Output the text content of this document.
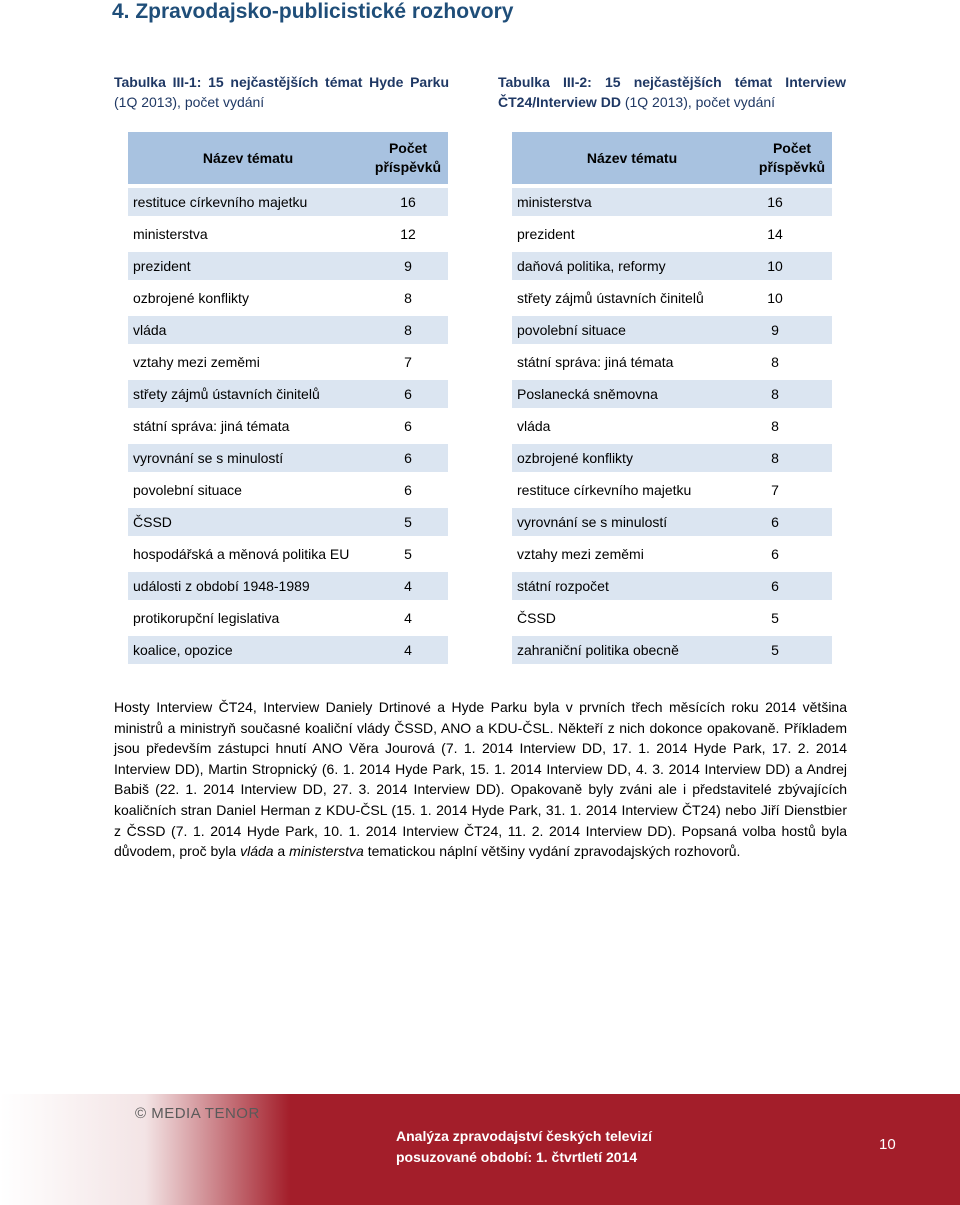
4. Zpravodajsko-publicistické rozhovory
Tabulka III-1: 15 nejčastějších témat Hyde Parku (1Q 2013), počet vydání
Tabulka III-2: 15 nejčastějších témat Interview ČT24/Interview DD (1Q 2013), počet vydání
Název tématu	Počet příspěvků
restituce církevního majetku	16
ministerstva	12
prezident	9
ozbrojené konflikty	8
vláda	8
vztahy mezi zeměmi	7
střety zájmů ústavních činitelů	6
státní správa: jiná témata	6
vyrovnání se s minulostí	6
povolební situace	6
ČSSD	5
hospodářská a měnová politika EU	5
události z období 1948-1989	4
protikorupční legislativa	4
koalice, opozice	4
Název tématu	Počet příspěvků
ministerstva	16
prezident	14
daňová politika, reformy	10
střety zájmů ústavních činitelů	10
povolební situace	9
státní správa: jiná témata	8
Poslanecká sněmovna	8
vláda	8
ozbrojené konflikty	8
restituce církevního majetku	7
vyrovnání se s minulostí	6
vztahy mezi zeměmi	6
státní rozpočet	6
ČSSD	5
zahraniční politika obecně	5
Hosty Interview ČT24, Interview Daniely Drtinové a Hyde Parku byla v prvních třech měsících roku 2014 většina ministrů a ministryň současné koaliční vlády ČSSD, ANO a KDU-ČSL. Někteří z nich dokonce opakovaně. Příkladem jsou především zástupci hnutí ANO Věra Jourová (7. 1. 2014 Interview DD, 17. 1. 2014 Hyde Park, 17. 2. 2014 Interview DD), Martin Stropnický (6. 1. 2014 Hyde Park, 15. 1. 2014 Interview DD, 4. 3. 2014 Interview DD) a Andrej Babiš (22. 1. 2014 Interview DD, 27. 3. 2014 Interview DD). Opakovaně byly zváni ale i představitelé zbývajících koaličních stran Daniel Herman z KDU-ČSL (15. 1. 2014 Hyde Park, 31. 1. 2014 Interview ČT24) nebo Jiří Dienstbier z ČSSD (7. 1. 2014 Hyde Park, 10. 1. 2014 Interview ČT24, 11. 2. 2014 Interview DD). Popsaná volba hostů byla důvodem, proč byla vláda a ministerstva tematickou náplní většiny vydání zpravodajských rozhovorů.
© MEDIA TENOR
Analýza zpravodajství českých televizí
posuzované období: 1. čtvrtletí 2014
10
